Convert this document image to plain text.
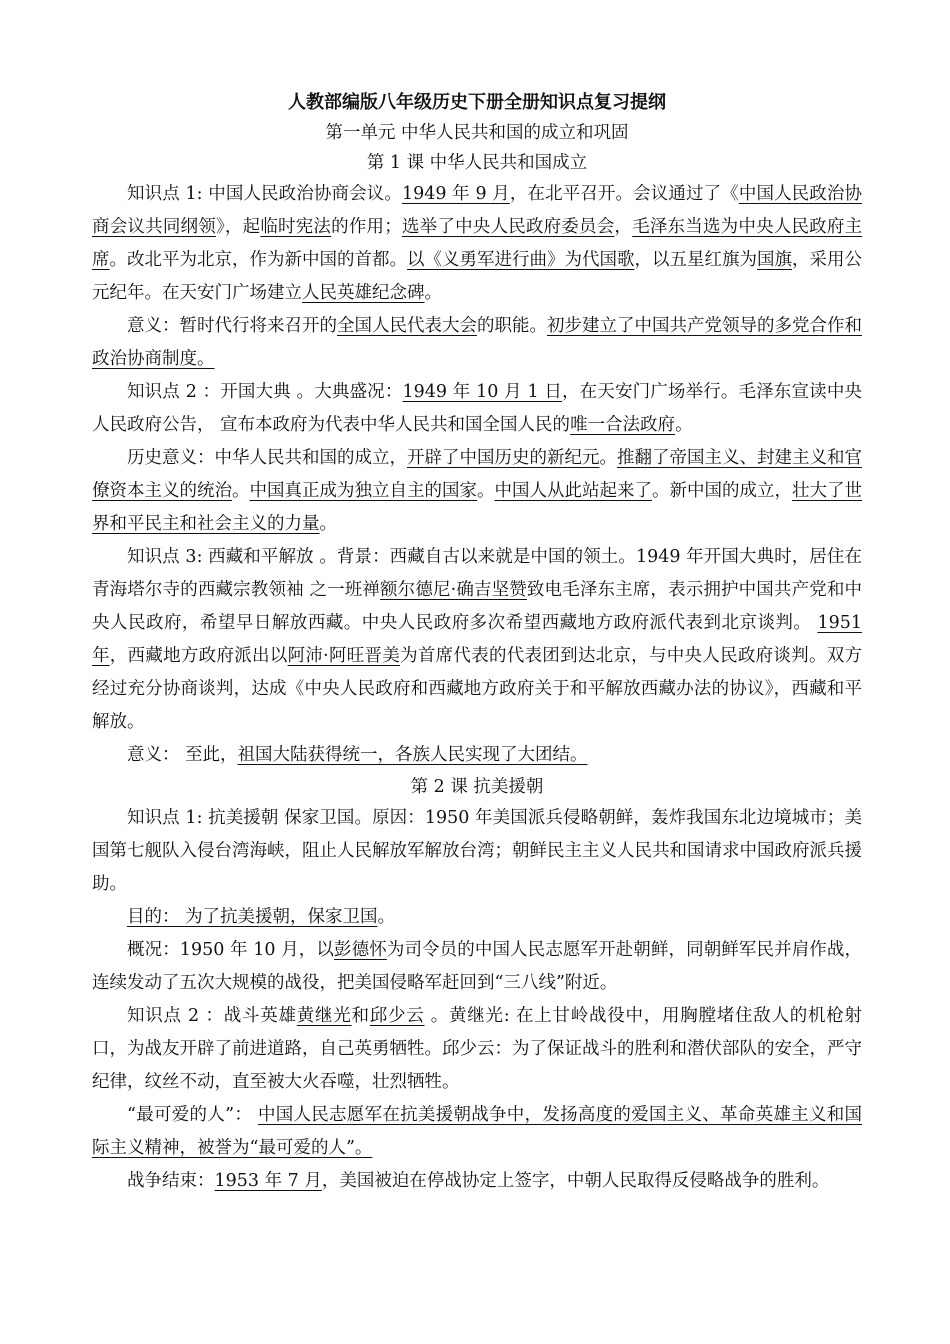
人教部编版八年级历史下册全册知识点复习提纲

第一单元 中华人民共和国的成立和巩固

第 1 课 中华人民共和国成立

知识点 1: 中国人民政治协商会议。1949 年 9 月，在北平召开。会议通过了《中国人民政治协商会议共同纲领》，起临时宪法的作用；选举了中央人民政府委员会，毛泽东当选为中央人民政府主席。改北平为北京，作为新中国的首都。以《义勇军进行曲》为代国歌，以五星红旗为国旗，采用公元纪年。在天安门广场建立人民英雄纪念碑。

意义：暂时代行将来召开的全国人民代表大会的职能。初步建立了中国共产党领导的多党合作和政治协商制度。

知识点 2 ：开国大典 。大典盛况：1949 年 10 月 1 日，在天安门广场举行。毛泽东宣读中央人民政府公告， 宣布本政府为代表中华人民共和国全国人民的唯一合法政府。

历史意义：中华人民共和国的成立，开辟了中国历史的新纪元。推翻了帝国主义、封建主义和官僚资本主义的统治。中国真正成为独立自主的国家。中国人从此站起来了。新中国的成立，壮大了世界和平民主和社会主义的力量。

知识点 3: 西藏和平解放 。背景：西藏自古以来就是中国的领土。1949 年开国大典时，居住在青海塔尔寺的西藏宗教领袖 之一班禅额尔德尼·确吉坚赞致电毛泽东主席，表示拥护中国共产党和中央人民政府，希望早日解放西藏。中央人民政府多次希望西藏地方政府派代表到北京谈判。 1951 年，西藏地方政府派出以阿沛·阿旺晋美为首席代表的代表团到达北京，与中央人民政府谈判。双方经过充分协商谈判，达成《中央人民政府和西藏地方政府关于和平解放西藏办法的协议》，西藏和平解放。

意义： 至此，祖国大陆获得统一，各族人民实现了大团结。

第 2 课 抗美援朝

知识点 1: 抗美援朝 保家卫国。原因：1950 年美国派兵侵略朝鲜，轰炸我国东北边境城市；美国第七舰队入侵台湾海峡，阻止人民解放军解放台湾；朝鲜民主主义人民共和国请求中国政府派兵援助。

目的： 为了抗美援朝，保家卫国。

概况：1950 年 10 月，以彭德怀为司令员的中国人民志愿军开赴朝鲜，同朝鲜军民并肩作战，连续发动了五次大规模的战役，把美国侵略军赶回到“三八线”附近。

知识点 2 ：战斗英雄黄继光和邱少云 。黄继光: 在上甘岭战役中，用胸膛堵住敌人的机枪射口，为战友开辟了前进道路，自己英勇牺牲。邱少云：为了保证战斗的胜利和潜伏部队的安全，严守纪律，纹丝不动，直至被大火吞噬，壮烈牺牲。

“最可爱的人”： 中国人民志愿军在抗美援朝战争中，发扬高度的爱国主义、革命英雄主义和国际主义精神，被誉为“最可爱的人”。

战争结束：1953 年 7 月，美国被迫在停战协定上签字，中朝人民取得反侵略战争的胜利。
